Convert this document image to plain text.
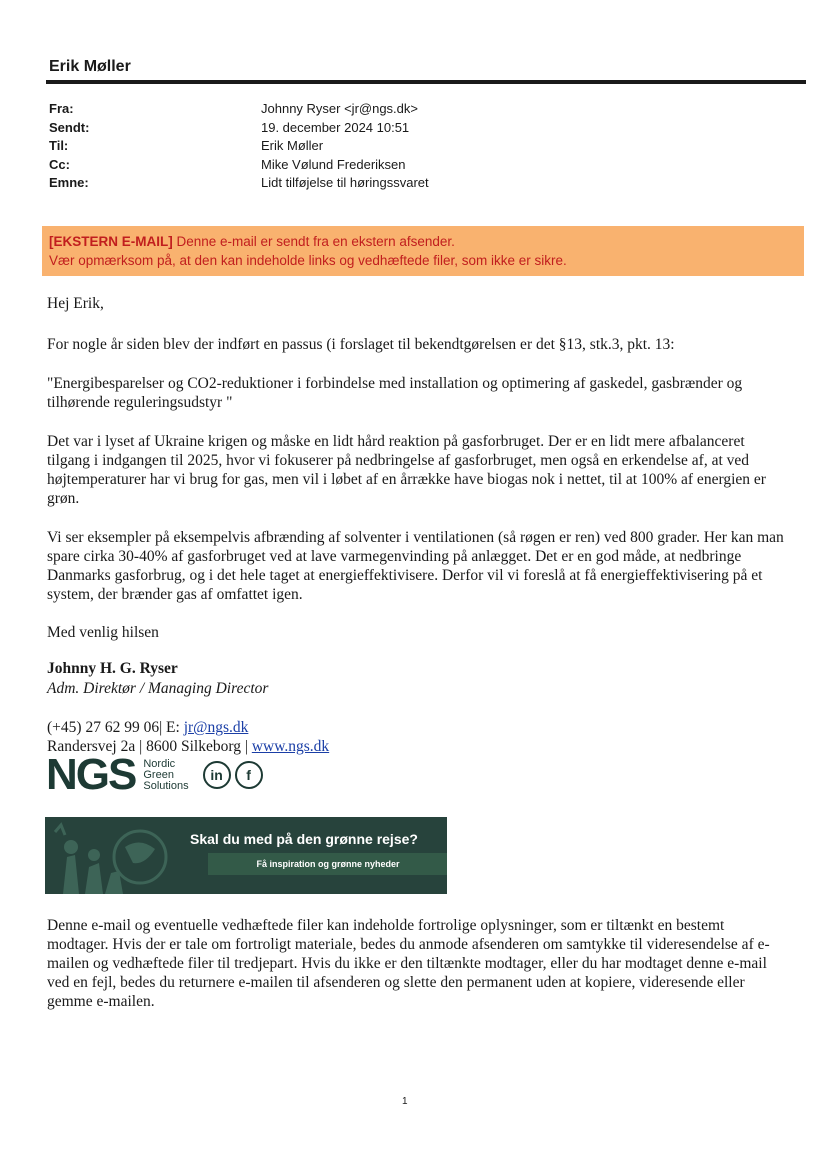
Erik Møller
Fra:	Johnny Ryser <jr@ngs.dk>
Sendt:	19. december 2024 10:51
Til:	Erik Møller
Cc:	Mike Vølund Frederiksen
Emne:	Lidt tilføjelse til høringssvaret
[EKSTERN E-MAIL] Denne e-mail er sendt fra en ekstern afsender.
Vær opmærksom på, at den kan indeholde links og vedhæftede filer, som ikke er sikre.
Hej Erik,
For nogle år siden blev der indført en passus (i forslaget til bekendtgørelsen er det §13, stk.3, pkt. 13:
"Energibesparelser og CO2-reduktioner i forbindelse med installation og optimering af gaskedel, gasbrænder og tilhørende reguleringsudstyr "
Det var i lyset af Ukraine krigen og måske en lidt hård reaktion på gasforbruget. Der er en lidt mere afbalanceret tilgang i indgangen til 2025, hvor vi fokuserer på nedbringelse af gasforbruget, men også en erkendelse af, at ved højtemperaturer har vi brug for gas, men vil i løbet af en årrække have biogas nok i nettet, til at 100% af energien er grøn.
Vi ser eksempler på eksempelvis afbrænding af solventer i ventilationen (så røgen er ren) ved 800 grader. Her kan man spare cirka 30-40% af gasforbruget ved at lave varmegenvinding på anlægget. Det er en god måde, at nedbringe Danmarks gasforbrug, og i det hele taget at energieffektivisere. Derfor vil vi foreslå at få energieffektivisering på et system, der brænder gas af omfattet igen.
Med venlig hilsen
Johnny H. G. Ryser
Adm. Direktør / Managing Director
(+45) 27 62 99 06| E: jr@ngs.dk
Randersvej 2a | 8600 Silkeborg | www.ngs.dk
NGS Nordic
Green
Solutions
in	f
Skal du med på den grønne rejse?
Få inspiration og grønne nyheder
Denne e-mail og eventuelle vedhæftede filer kan indeholde fortrolige oplysninger, som er tiltænkt en bestemt modtager. Hvis der er tale om fortroligt materiale, bedes du anmode afsenderen om samtykke til videresendelse af e-mailen og vedhæftede filer til tredjepart. Hvis du ikke er den tiltænkte modtager, eller du har modtaget denne e-mail ved en fejl, bedes du returnere e-mailen til afsenderen og slette den permanent uden at kopiere, videresende eller gemme e-mailen.
1
